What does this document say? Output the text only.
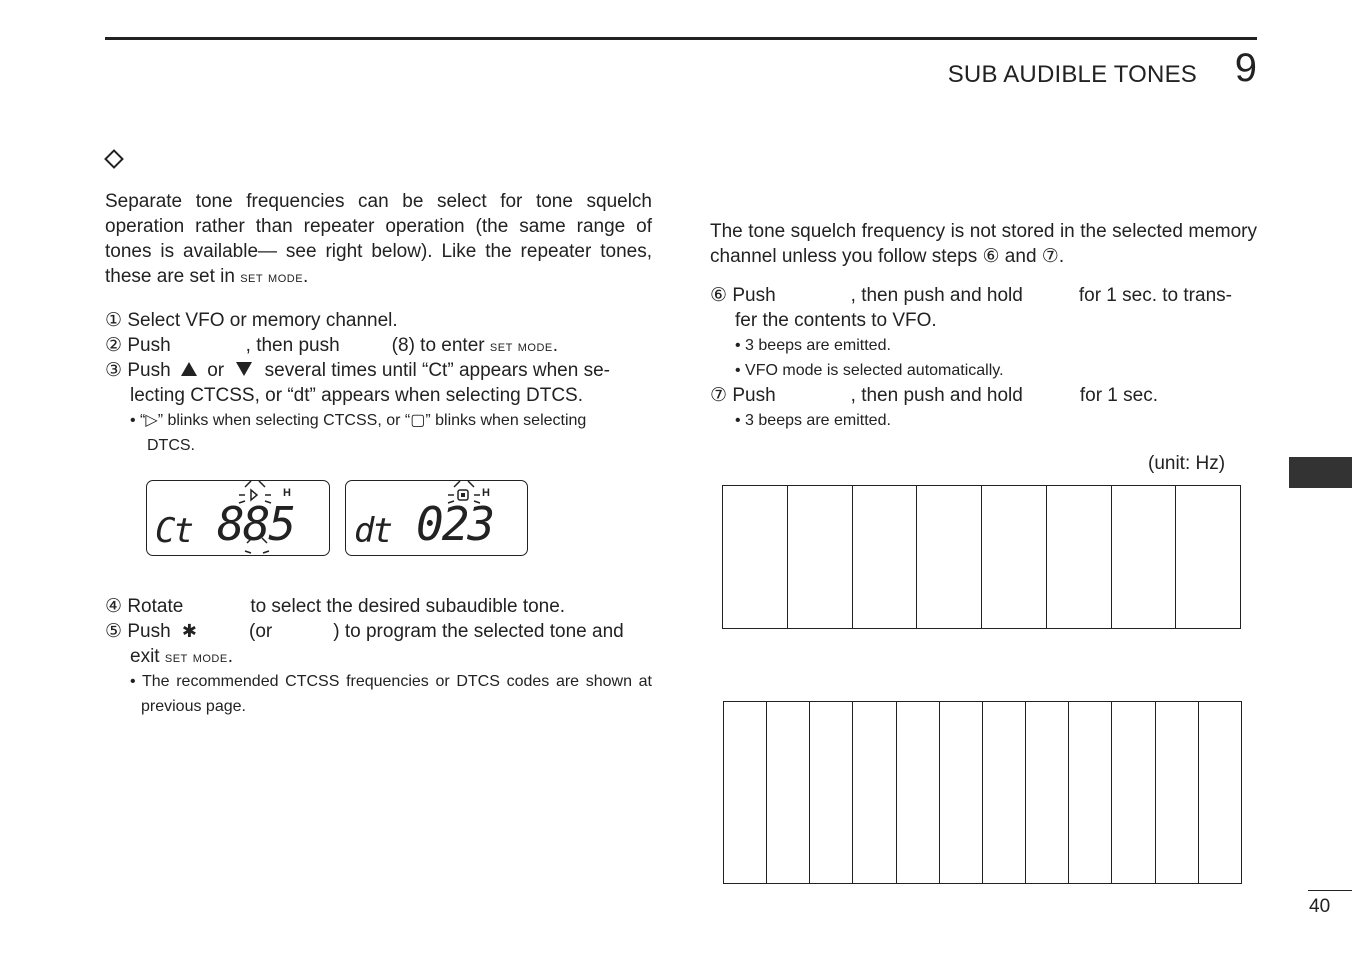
SUB AUDIBLE TONES 9
Separate tone frequencies can be select for tone squelch operation rather than repeater operation (the same range of tones is available— see right below). Like the repeater tones, these are set in set mode.
① Select VFO or memory channel.
② Push	, then push	(8) to enter set mode.
③ Push or several times until “Ct” appears when se-
lecting CTCSS, or “dt” appears when selecting DTCS.
• “▷” blinks when selecting CTCSS, or “▢” blinks when selecting
DTCS.
H
Ct 885
H
dt 023
④ Rotate	to select the desired subaudible tone.
⑤ Push ✱	(or	) to program the selected tone and
exit set mode.
• The recommended CTCSS frequencies or DTCS codes are shown at previous page.
The tone squelch frequency is not stored in the selected memory channel unless you follow steps ⑥ and ⑦.
⑥ Push	, then push and hold	for 1 sec. to trans-
fer the contents to VFO.
• 3 beeps are emitted.
• VFO mode is selected automatically.
⑦ Push	, then push and hold	for 1 sec.
• 3 beeps are emitted.
(unit: Hz)

40
